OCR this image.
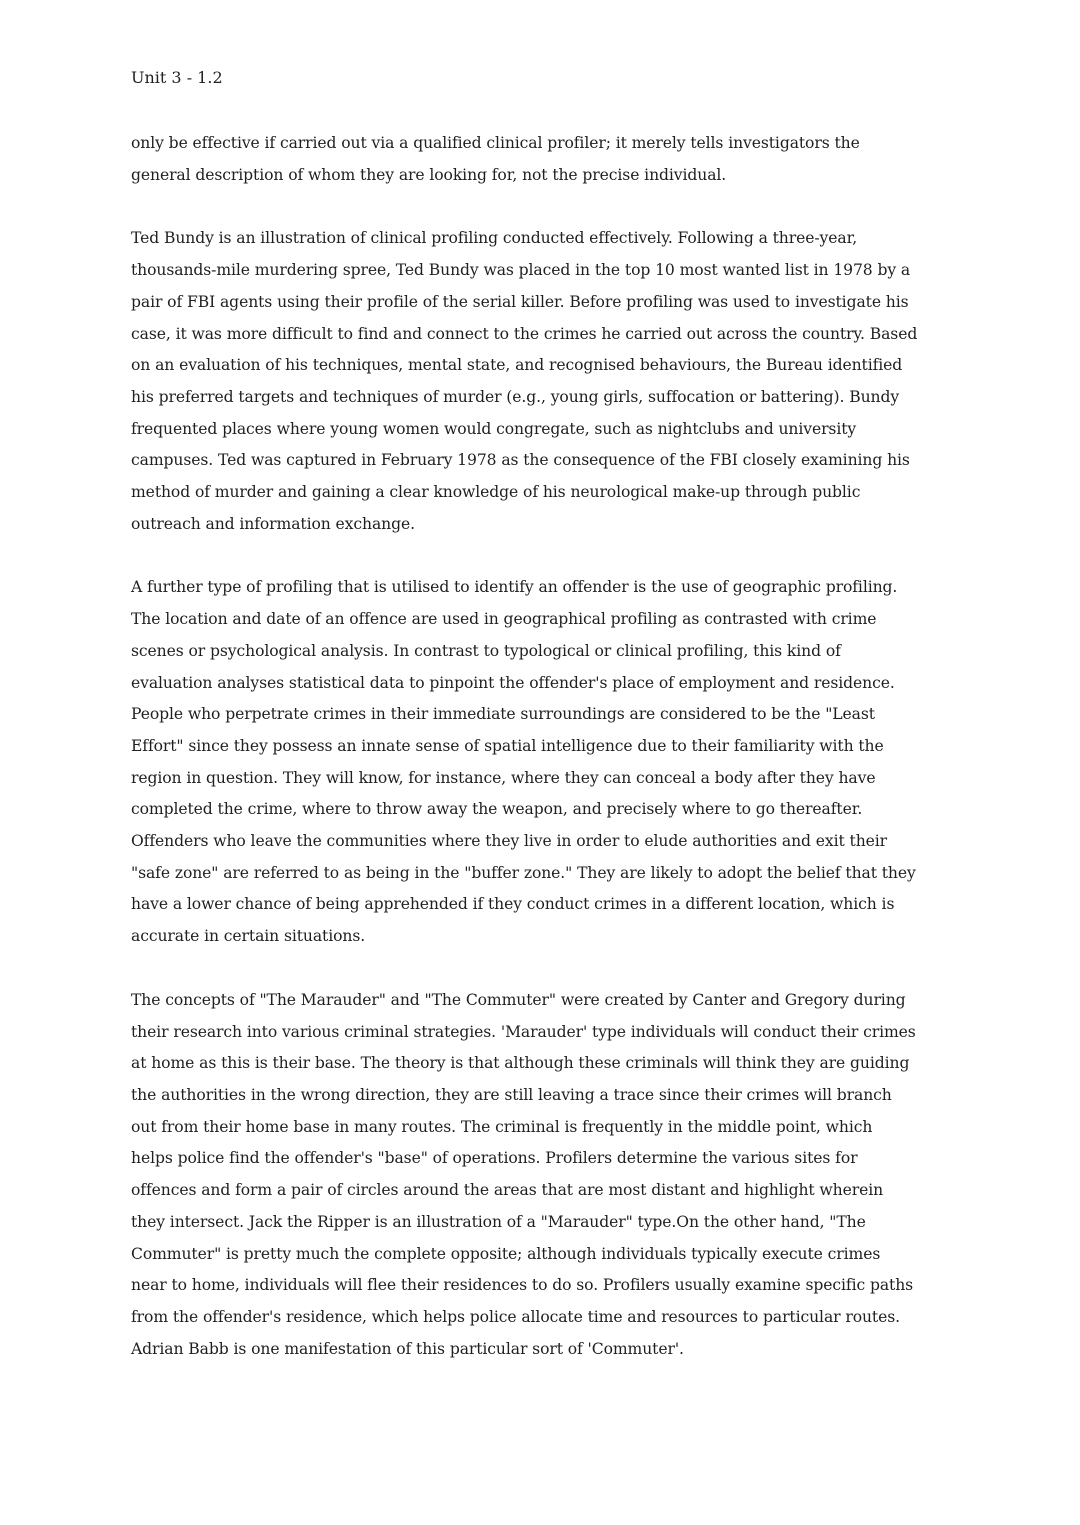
Unit 3 - 1.2

only be effective if carried out via a qualified clinical profiler; it merely tells investigators the
general description of whom they are looking for, not the precise individual.

Ted Bundy is an illustration of clinical profiling conducted effectively. Following a three-year,
thousands-mile murdering spree, Ted Bundy was placed in the top 10 most wanted list in 1978 by a
pair of FBI agents using their profile of the serial killer. Before profiling was used to investigate his
case, it was more difficult to find and connect to the crimes he carried out across the country. Based
on an evaluation of his techniques, mental state, and recognised behaviours, the Bureau identified
his preferred targets and techniques of murder (e.g., young girls, suffocation or battering). Bundy
frequented places where young women would congregate, such as nightclubs and university
campuses. Ted was captured in February 1978 as the consequence of the FBI closely examining his
method of murder and gaining a clear knowledge of his neurological make-up through public
outreach and information exchange.

A further type of profiling that is utilised to identify an offender is the use of geographic profiling.
The location and date of an offence are used in geographical profiling as contrasted with crime
scenes or psychological analysis. In contrast to typological or clinical profiling, this kind of
evaluation analyses statistical data to pinpoint the offender's place of employment and residence.
People who perpetrate crimes in their immediate surroundings are considered to be the "Least
Effort" since they possess an innate sense of spatial intelligence due to their familiarity with the
region in question. They will know, for instance, where they can conceal a body after they have
completed the crime, where to throw away the weapon, and precisely where to go thereafter.
Offenders who leave the communities where they live in order to elude authorities and exit their
"safe zone" are referred to as being in the "buffer zone." They are likely to adopt the belief that they
have a lower chance of being apprehended if they conduct crimes in a different location, which is
accurate in certain situations.

The concepts of "The Marauder" and "The Commuter" were created by Canter and Gregory during
their research into various criminal strategies. 'Marauder' type individuals will conduct their crimes
at home as this is their base. The theory is that although these criminals will think they are guiding
the authorities in the wrong direction, they are still leaving a trace since their crimes will branch
out from their home base in many routes. The criminal is frequently in the middle point, which
helps police find the offender's "base" of operations. Profilers determine the various sites for
offences and form a pair of circles around the areas that are most distant and highlight wherein
they intersect. Jack the Ripper is an illustration of a "Marauder" type.On the other hand, "The
Commuter" is pretty much the complete opposite; although individuals typically execute crimes
near to home, individuals will flee their residences to do so. Profilers usually examine specific paths
from the offender's residence, which helps police allocate time and resources to particular routes.
Adrian Babb is one manifestation of this particular sort of 'Commuter'.
